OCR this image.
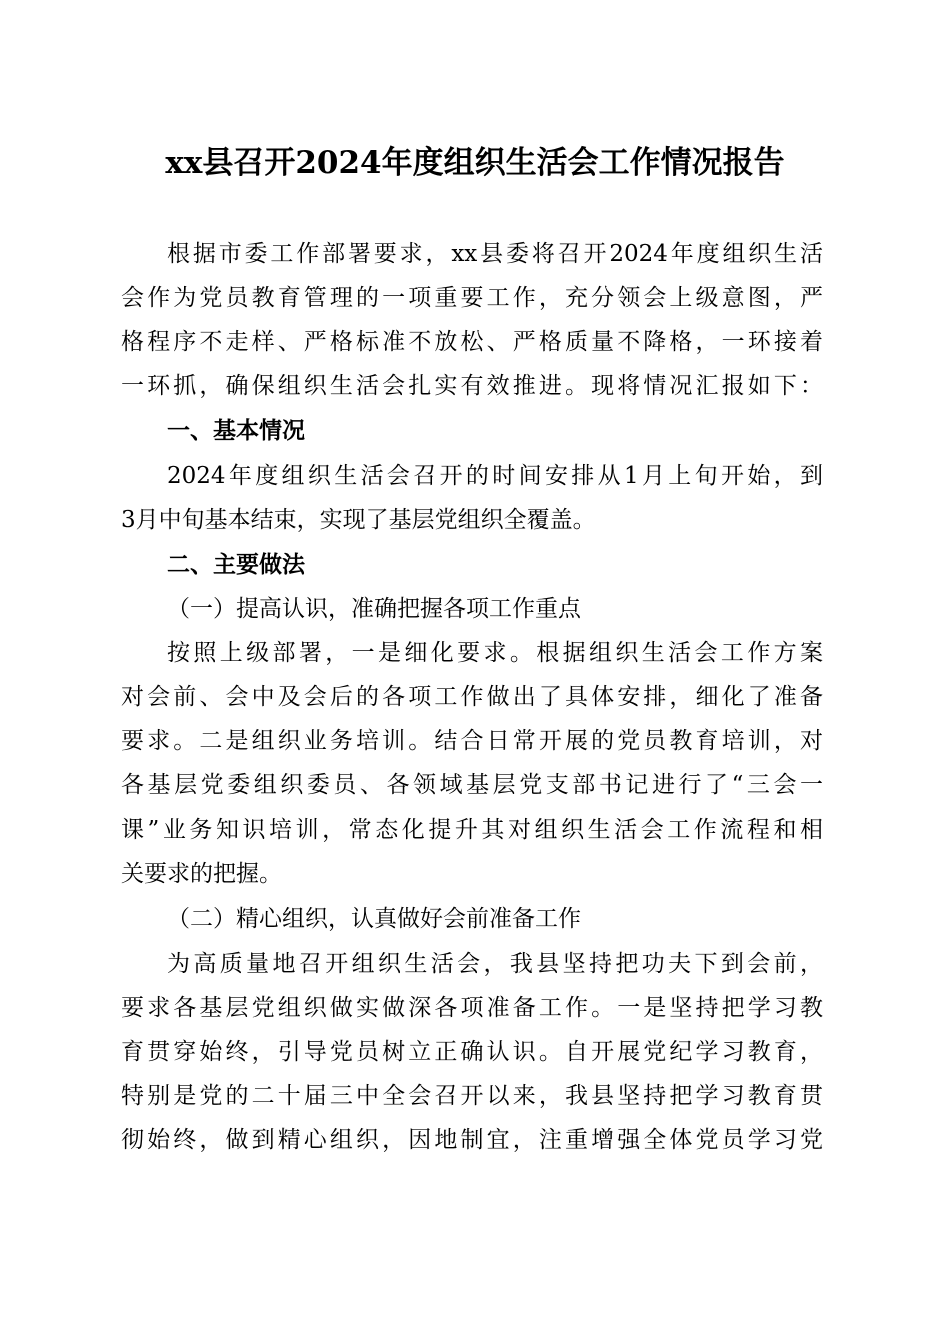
xx县召开2024年度组织生活会工作情况报告
根据市委工作部署要求，xx县委将召开2024年度组织生活
会作为党员教育管理的一项重要工作，充分领会上级意图，严
格程序不走样、严格标准不放松、严格质量不降格，一环接着
一环抓，确保组织生活会扎实有效推进。现将情况汇报如下：
一、基本情况
2024年度组织生活会召开的时间安排从1月上旬开始，到
3月中旬基本结束，实现了基层党组织全覆盖。
二、主要做法
（一）提高认识，准确把握各项工作重点
按照上级部署，一是细化要求。根据组织生活会工作方案
对会前、会中及会后的各项工作做出了具体安排，细化了准备
要求。二是组织业务培训。结合日常开展的党员教育培训，对
各基层党委组织委员、各领域基层党支部书记进行了“三会一
课”业务知识培训，常态化提升其对组织生活会工作流程和相
关要求的把握。
（二）精心组织，认真做好会前准备工作
为高质量地召开组织生活会，我县坚持把功夫下到会前，
要求各基层党组织做实做深各项准备工作。一是坚持把学习教
育贯穿始终，引导党员树立正确认识。自开展党纪学习教育，
特别是党的二十届三中全会召开以来，我县坚持把学习教育贯
彻始终，做到精心组织，因地制宜，注重增强全体党员学习党
